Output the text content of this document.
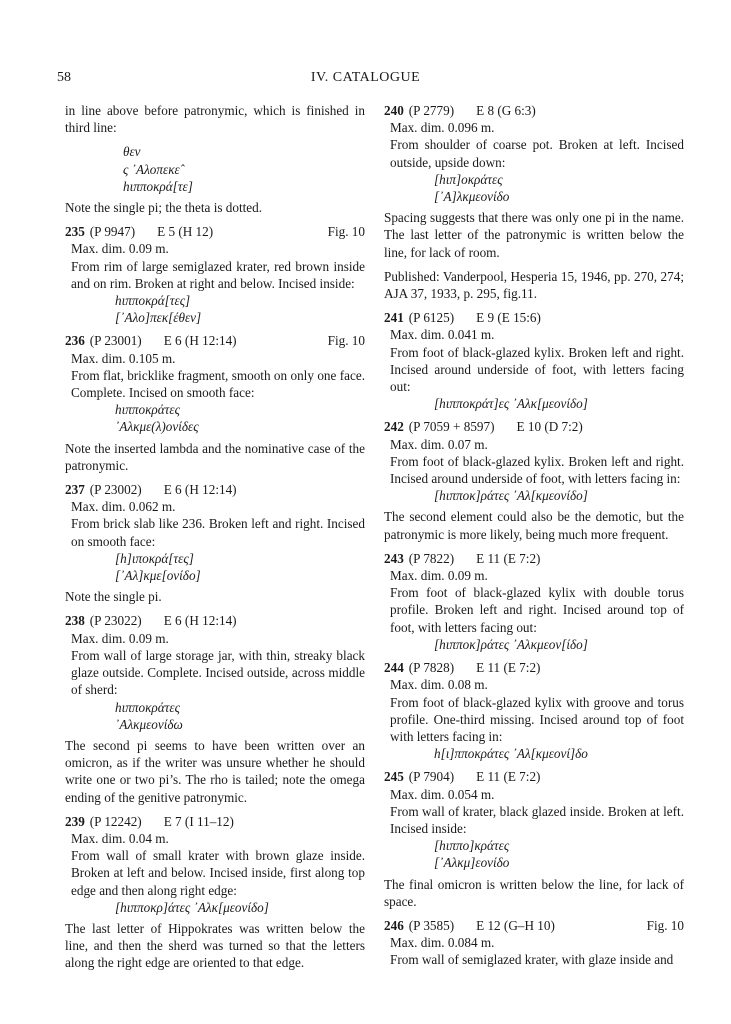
58	IV. CATALOGUE

in line above before patronymic, which is finished in third line:

θεν

ς ᾿Αλοπεκε̂

hιπποκρά[τε]

Note the single pi; the theta is dotted.

235 (P 9947) E 5 (H 12)	Fig. 10

Max. dim. 0.09 m.

From rim of large semiglazed krater, red brown inside and on rim. Broken at right and below. Incised inside:

hιπποκρά[τες]

[᾿Αλο]πεκ[έθεν]

236 (P 23001) E 6 (H 12:14)	Fig. 10

Max. dim. 0.105 m.

From flat, bricklike fragment, smooth on only one face. Complete. Incised on smooth face:

hιπποκράτες

᾿Αλκμε(λ)ονίδες

Note the inserted lambda and the nominative case of the patronymic.

237 (P 23002) E 6 (H 12:14)

Max. dim. 0.062 m.

From brick slab like 236. Broken left and right. Incised on smooth face:

[h]ιποκρά[τες]

[᾿Αλ]κμε[ονίδο]

Note the single pi.

238 (P 23022) E 6 (H 12:14)

Max. dim. 0.09 m.

From wall of large storage jar, with thin, streaky black glaze outside. Complete. Incised outside, across middle of sherd:

hιπποκράτες

᾿Αλκμεονίδω

The second pi seems to have been written over an omicron, as if the writer was unsure whether he should write one or two pi’s. The rho is tailed; note the omega ending of the genitive patronymic.

239 (P 12242) E 7 (I 11–12)

Max. dim. 0.04 m.

From wall of small krater with brown glaze inside. Broken at left and below. Incised inside, first along top edge and then along right edge:

[hιπποκρ]άτες ᾿Αλκ[μεονίδο]

The last letter of Hippokrates was written below the line, and then the sherd was turned so that the letters along the right edge are oriented to that edge.

240 (P 2779) E 8 (G 6:3)

Max. dim. 0.096 m.

From shoulder of coarse pot. Broken at left. Incised outside, upside down:

[hιπ]οκράτες

[᾿Α]λκμεονίδο

Spacing suggests that there was only one pi in the name. The last letter of the patronymic is written below the line, for lack of room.

Published: Vanderpool, Hesperia 15, 1946, pp. 270, 274; AJA 37, 1933, p. 295, fig.11.

241 (P 6125) E 9 (E 15:6)

Max. dim. 0.041 m.

From foot of black-glazed kylix. Broken left and right. Incised around underside of foot, with letters facing out:

[hιπποκράτ]ες ᾿Αλκ[μεονίδο]

242 (P 7059 + 8597) E 10 (D 7:2)

Max. dim. 0.07 m.

From foot of black-glazed kylix. Broken left and right. Incised around underside of foot, with letters facing in:

[hιπποκ]ράτες ᾿Αλ[κμεονίδο]

The second element could also be the demotic, but the patronymic is more likely, being much more frequent.

243 (P 7822) E 11 (E 7:2)

Max. dim. 0.09 m.

From foot of black-glazed kylix with double torus profile. Broken left and right. Incised around top of foot, with letters facing out:

[hιπποκ]ράτες ᾿Αλκμεον[ίδο]

244 (P 7828) E 11 (E 7:2)

Max. dim. 0.08 m.

From foot of black-glazed kylix with groove and torus profile. One-third missing. Incised around top of foot with letters facing in:

h[ι]πποκράτες ᾿Αλ[κμεονί]δο

245 (P 7904) E 11 (E 7:2)

Max. dim. 0.054 m.

From wall of krater, black glazed inside. Broken at left. Incised inside:

[hιππο]κράτες

[᾿Αλκμ]εονίδο

The final omicron is written below the line, for lack of space.

246 (P 3585) E 12 (G–H 10)	Fig. 10

Max. dim. 0.084 m.

From wall of semiglazed krater, with glaze inside and
